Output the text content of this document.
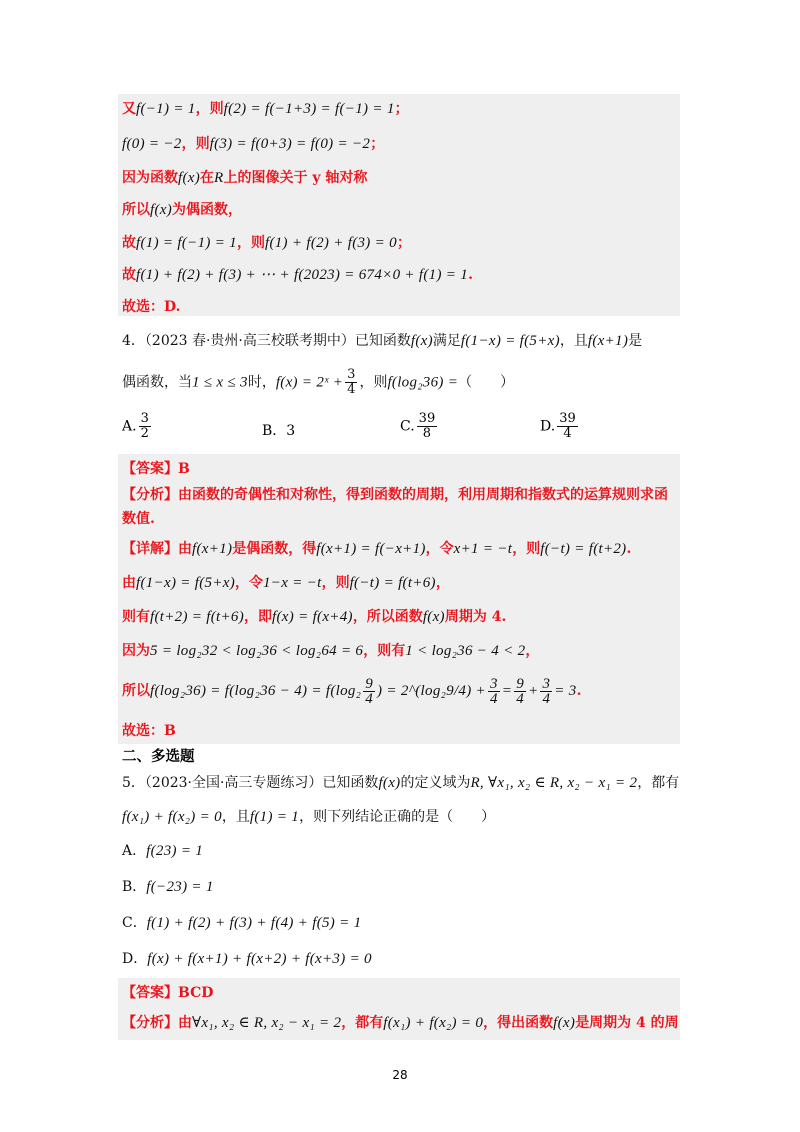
又f(−1) = 1，则f(2) = f(−1+3) = f(−1) = 1；
f(0) = −2，则f(3) = f(0+3) = f(0) = −2；
因为函数f(x)在R上的图像关于 y 轴对称
所以f(x)为偶函数，
故f(1) = f(−1) = 1，则f(1) + f(2) + f(3) = 0；
故f(1) + f(2) + f(3) + ⋯ + f(2023) = 674×0 + f(1) = 1.
故选：D.
4．（2023 春·贵州·高三校联考期中）已知函数f(x)满足f(1−x) = f(5+x)，且f(x+1)是
偶函数，当1 ≤ x ≤ 3时，f(x) = 2ˣ + $\frac{3}{4}$ ，则f(log₂36) =（　　）
A. $\frac{3}{2}$	B．3	C. $\frac{39}{8}$	D. $\frac{39}{4}$
【答案】B
【分析】由函数的奇偶性和对称性，得到函数的周期，利用周期和指数式的运算规则求函
数值.
【详解】由f(x+1)是偶函数，得f(x+1) = f(−x+1)，令x+1 = −t，则f(−t) = f(t+2).
由f(1−x) = f(5+x)，令1−x = −t，则f(−t) = f(t+6)，
则有f(t+2) = f(t+6)，即f(x) = f(x+4)，所以函数f(x)周期为 4.
因为5 = log₂32 < log₂36 < log₂64 = 6，则有1 < log₂36 − 4 < 2，
所以$f(\log_236) = f(\log_236 - 4) = f(\log_2 \frac{9}{4}$ ) = 2^(log₂9/4) + $\frac{3}{4} = \frac{9}{4} + \frac{3}{4} = 3$.
故选：B
二、多选题
5．（2023·全国·高三专题练习）已知函数f(x)的定义域为R, ∀x₁, x₂ ∈ R, x₂ − x₁ = 2，都有
f(x₁) + f(x₂) = 0，且f(1) = 1，则下列结论正确的是（　　）
A．f(23) = 1
B．f(−23) = 1
C．f(1) + f(2) + f(3) + f(4) + f(5) = 1
D．f(x) + f(x+1) + f(x+2) + f(x+3) = 0
【答案】BCD
【分析】由∀x₁, x₂ ∈ R, x₂ − x₁ = 2，都有f(x₁) + f(x₂) = 0，得出函数f(x)是周期为 4 的周
28
